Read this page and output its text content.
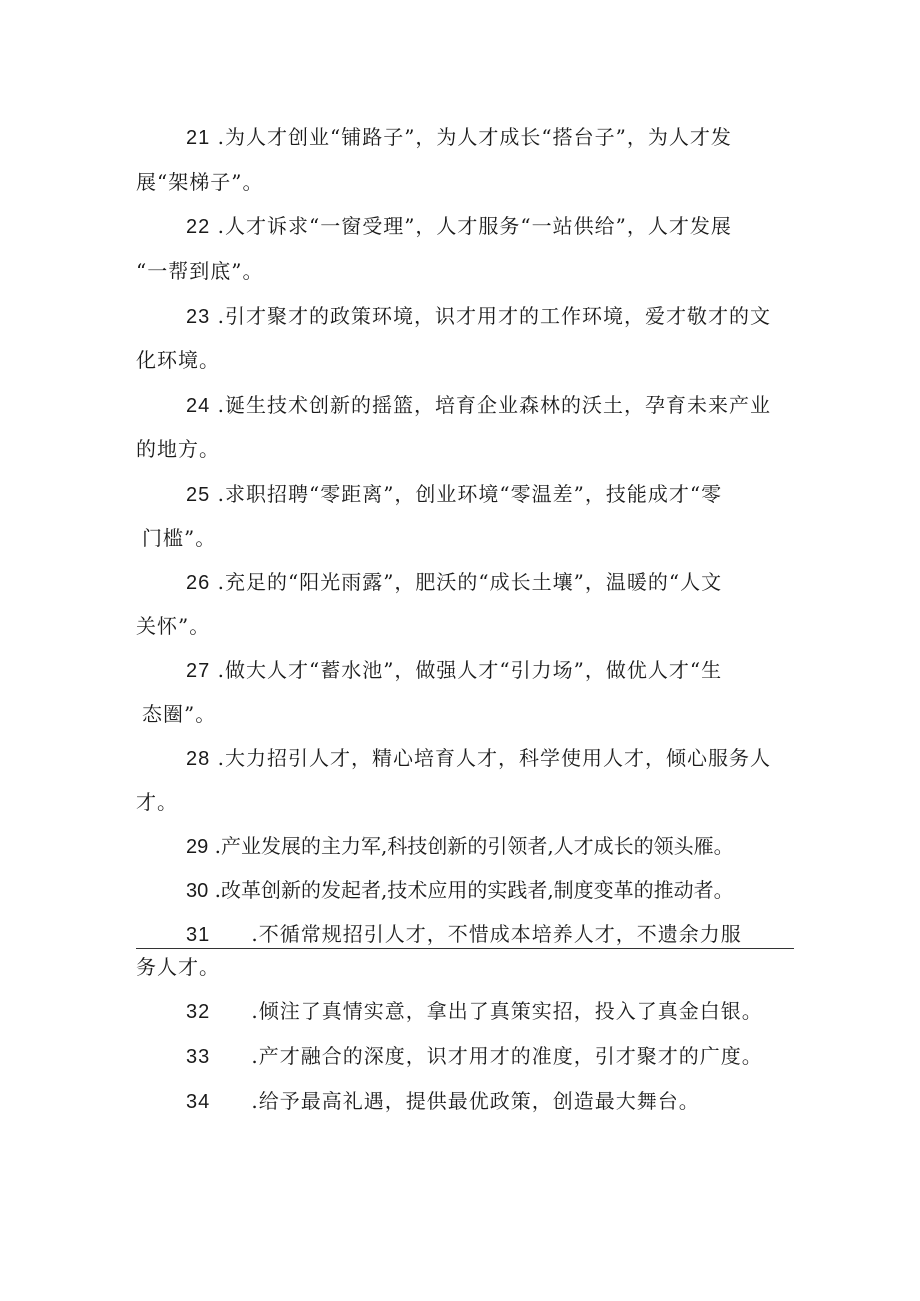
21 .为人才创业“铺路子”，为人才成长“搭台子”，为人才发
展“架梯子”。
22 .人才诉求“一窗受理”，人才服务“一站供给”，人才发展
“一帮到底”。
23 .引才聚才的政策环境，识才用才的工作环境，爱才敬才的文
化环境。
24 .诞生技术创新的摇篮，培育企业森林的沃土，孕育未来产业
的地方。
25 .求职招聘“零距离”，创业环境“零温差”，技能成才“零
门槛”。
26 .充足的“阳光雨露”，肥沃的“成长土壤”，温暖的“人文
关怀”。
27 .做大人才“蓄水池”，做强人才“引力场”，做优人才“生
态圈”。
28 .大力招引人才，精心培育人才，科学使用人才，倾心服务人
才。
29 .产业发展的主力军,科技创新的引领者,人才成长的领头雁。
30 .改革创新的发起者,技术应用的实践者,制度变革的推动者。
31 .不循常规招引人才，不惜成本培养人才，不遗余力服
务人才。
32 .倾注了真情实意，拿出了真策实招，投入了真金白银。
33 .产才融合的深度，识才用才的准度，引才聚才的广度。
34 .给予最高礼遇，提供最优政策，创造最大舞台。
